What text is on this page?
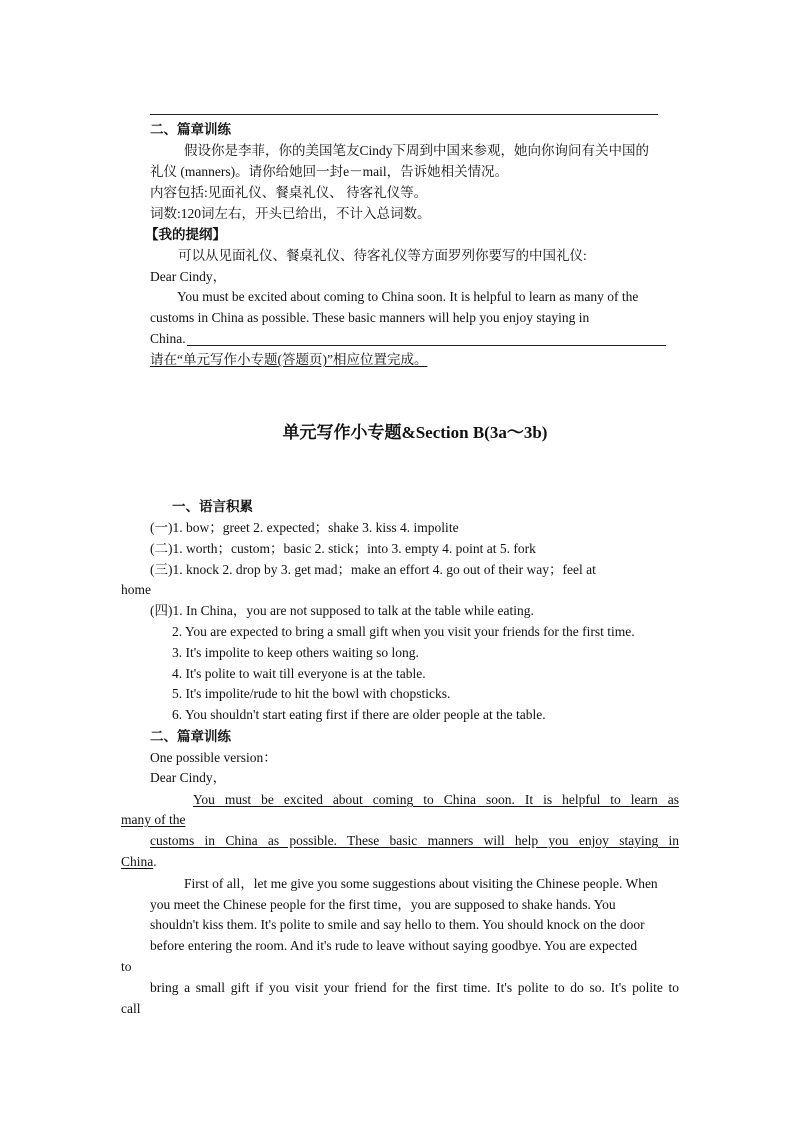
二、篇章训练
假设你是李菲，你的美国笔友Cindy下周到中国来参观，她向你询问有关中国的
礼仪 (manners)。请你给她回一封e－mail，告诉她相关情况。
内容包括:见面礼仪、餐桌礼仪、 待客礼仪等。
词数:120词左右，开头已给出，不计入总词数。
【我的提纲】
可以从见面礼仪、餐桌礼仪、待客礼仪等方面罗列你要写的中国礼仪:
Dear Cindy，
You must be excited about coming to China soon. It is helpful to learn as many of the
customs in China as possible. These basic manners will help you enjoy staying in
China.
请在“单元写作小专题(答题页)”相应位置完成。
单元写作小专题&Section B(3a～3b)
一、语言积累
(一)1. bow；greet 2. expected；shake 3. kiss 4. impolite
(二)1. worth；custom；basic 2. stick；into 3. empty 4. point at 5. fork
(三)1. knock 2. drop by 3. get mad；make an effort 4. go out of their way；feel at
home
(四)1. In China，you are not supposed to talk at the table while eating.
2. You are expected to bring a small gift when you visit your friends for the first time.
3. It's impolite to keep others waiting so long.
4. It's polite to wait till everyone is at the table.
5. It's impolite/rude to hit the bowl with chopsticks.
6. You shouldn't start eating first if there are older people at the table.
二、篇章训练
One possible version：
Dear Cindy，
You must be excited about coming to China soon. It is helpful to learn as
many of the
customs in China as possible. These basic manners will help you enjoy staying in
China.
First of all，let me give you some suggestions about visiting the Chinese people. When
you meet the Chinese people for the first time，you are supposed to shake hands. You
shouldn't kiss them. It's polite to smile and say hello to them. You should knock on the door
before entering the room. And it's rude to leave without saying goodbye. You are expected
to
bring a small gift if you visit your friend for the first time. It's polite to do so. It's polite to
call
